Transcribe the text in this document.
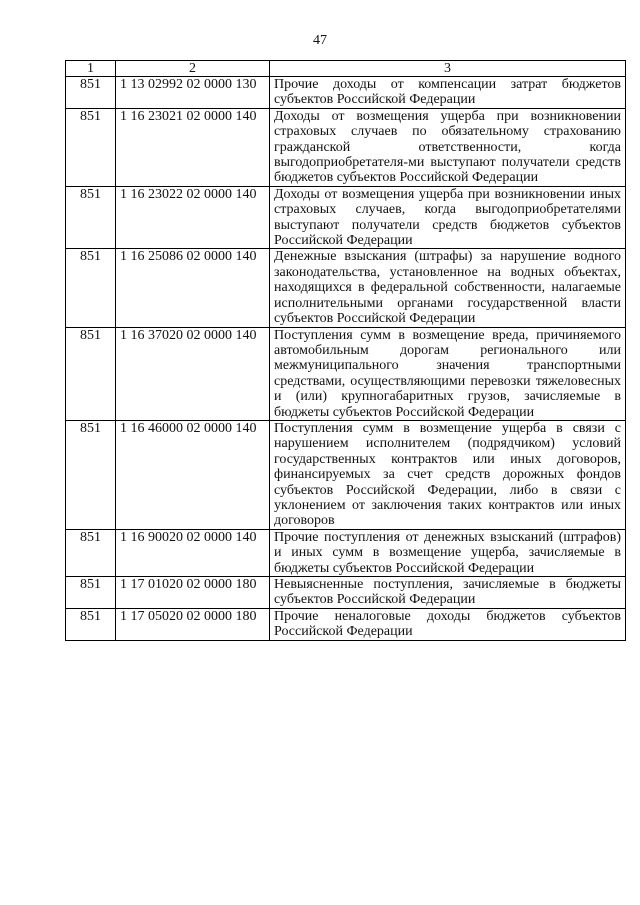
47
1	2	3
851	1 13 02992 02 0000 130	Прочие доходы от компенсации затрат бюджетов субъектов Российской Федерации
851	1 16 23021 02 0000 140	Доходы от возмещения ущерба при возникновении страховых случаев по обязательному страхованию гражданской ответственности, когда выгодоприобретателя-ми выступают получатели средств бюджетов субъектов Российской Федерации
851	1 16 23022 02 0000 140	Доходы от возмещения ущерба при возникновении иных страховых случаев, когда выгодоприобретателями выступают получатели средств бюджетов субъектов Российской Федерации
851	1 16 25086 02 0000 140	Денежные взыскания (штрафы) за нарушение водного законодательства, установленное на водных объектах, находящихся в федеральной собственности, налагаемые исполнительными органами государственной власти субъектов Российской Федерации
851	1 16 37020 02 0000 140	Поступления сумм в возмещение вреда, причиняемого автомобильным дорогам регионального или межмуниципального значения транспортными средствами, осуществляющими перевозки тяжеловесных и (или) крупногабаритных грузов, зачисляемые в бюджеты субъектов Российской Федерации
851	1 16 46000 02 0000 140	Поступления сумм в возмещение ущерба в связи с нарушением исполнителем (подрядчиком) условий государственных контрактов или иных договоров, финансируемых за счет средств дорожных фондов субъектов Российской Федерации, либо в связи с уклонением от заключения таких контрактов или иных договоров
851	1 16 90020 02 0000 140	Прочие поступления от денежных взысканий (штрафов) и иных сумм в возмещение ущерба, зачисляемые в бюджеты субъектов Российской Федерации
851	1 17 01020 02 0000 180	Невыясненные поступления, зачисляемые в бюджеты субъектов Российской Федерации
851	1 17 05020 02 0000 180	Прочие неналоговые доходы бюджетов субъектов Российской Федерации
